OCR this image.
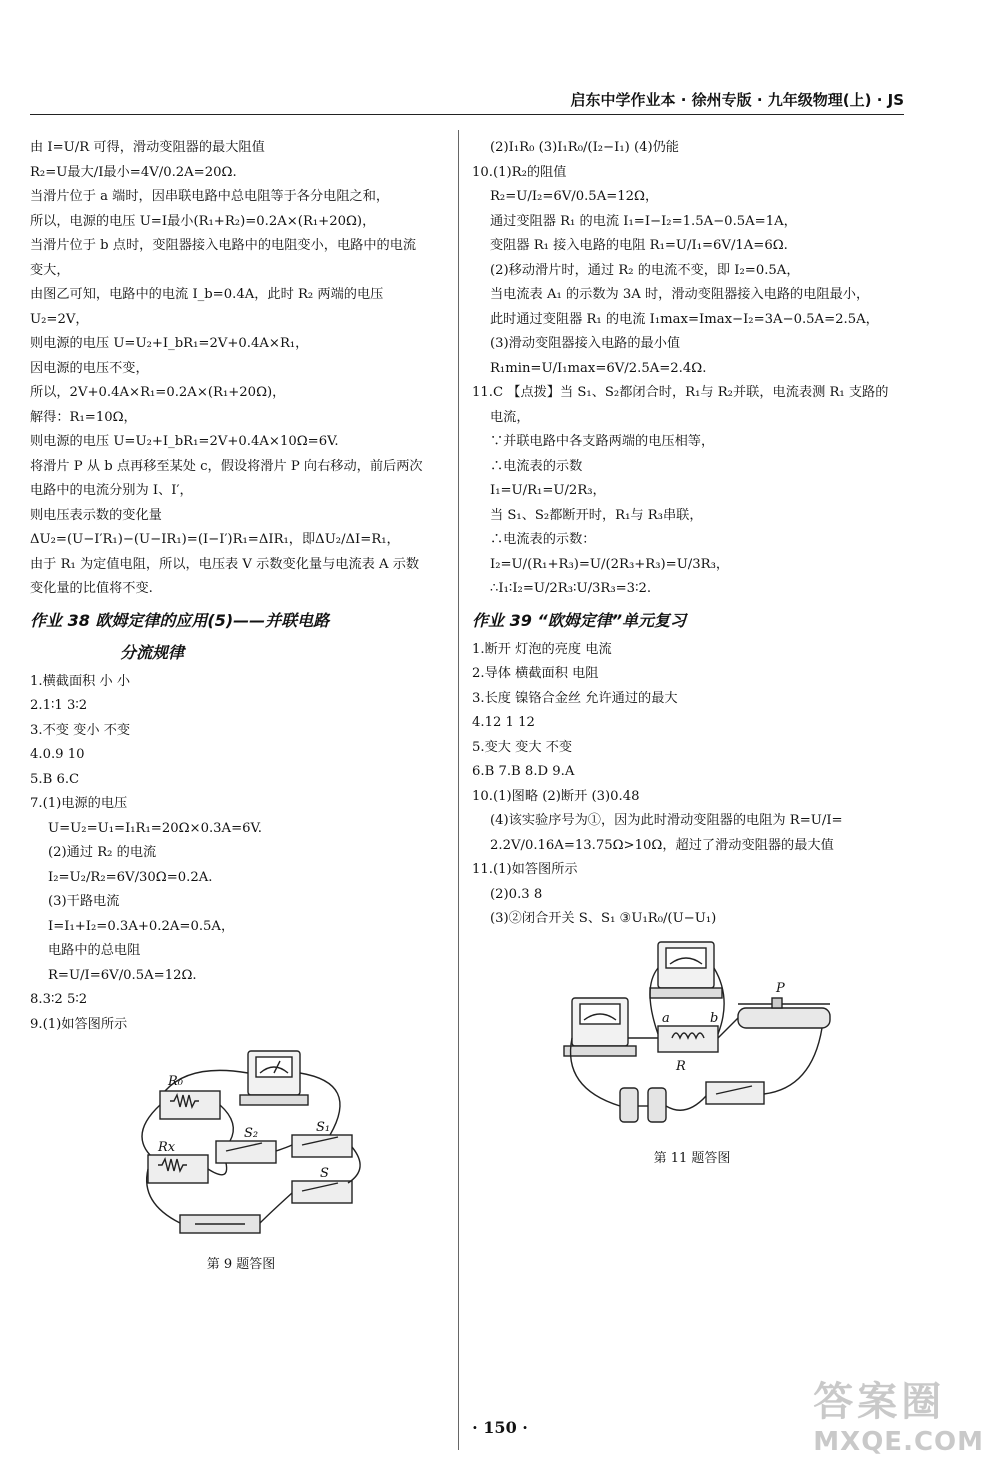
启东中学作业本 · 徐州专版 · 九年级物理(上) · JS
由 I=U/R 可得，滑动变阻器的最大阻值
R₂=U最大/I最小=4V/0.2A=20Ω.
当滑片位于 a 端时，因串联电路中总电阻等于各分电阻之和，
所以，电源的电压 U=I最小(R₁+R₂)=0.2A×(R₁+20Ω)，
当滑片位于 b 点时，变阻器接入电路中的电阻变小，电路中的电流
变大，
由图乙可知，电路中的电流 I_b=0.4A，此时 R₂ 两端的电压
U₂=2V，
则电源的电压 U=U₂+I_bR₁=2V+0.4A×R₁，
因电源的电压不变，
所以，2V+0.4A×R₁=0.2A×(R₁+20Ω)，
解得：R₁=10Ω，
则电源的电压 U=U₂+I_bR₁=2V+0.4A×10Ω=6V.
将滑片 P 从 b 点再移至某处 c，假设将滑片 P 向右移动，前后两次
电路中的电流分别为 I、I′，
则电压表示数的变化量
ΔU₂=(U−I′R₁)−(U−IR₁)=(I−I′)R₁=ΔIR₁，即ΔU₂/ΔI=R₁，
由于 R₁ 为定值电阻，所以，电压表 V 示数变化量与电流表 A 示数
变化量的比值将不变.
作业 38 欧姆定律的应用(5)——并联电路
分流规律
1.横截面积 小 小
2.1∶1 3∶2
3.不变 变小 不变
4.0.9 10
5.B 6.C
7.(1)电源的电压
U=U₂=U₁=I₁R₁=20Ω×0.3A=6V.
(2)通过 R₂ 的电流
I₂=U₂/R₂=6V/30Ω=0.2A.
(3)干路电流
I=I₁+I₂=0.3A+0.2A=0.5A，
电路中的总电阻
R=U/I=6V/0.5A=12Ω.
8.3∶2 5∶2
9.(1)如答图所示
R₀
Rx
S₂	S₁
S
第 9 题答图
(2)I₁R₀ (3)I₁R₀/(I₂−I₁) (4)仍能
10.(1)R₂的阻值
R₂=U/I₂=6V/0.5A=12Ω，
通过变阻器 R₁ 的电流 I₁=I−I₂=1.5A−0.5A=1A，
变阻器 R₁ 接入电路的电阻 R₁=U/I₁=6V/1A=6Ω.
(2)移动滑片时，通过 R₂ 的电流不变，即 I₂=0.5A，
当电流表 A₁ 的示数为 3A 时，滑动变阻器接入电路的电阻最小，
此时通过变阻器 R₁ 的电流 I₁max=Imax−I₂=3A−0.5A=2.5A，
(3)滑动变阻器接入电路的最小值
R₁min=U/I₁max=6V/2.5A=2.4Ω.
11.C 【点拨】当 S₁、S₂都闭合时，R₁与 R₂并联，电流表测 R₁ 支路的
电流，
∵并联电路中各支路两端的电压相等，
∴电流表的示数
I₁=U/R₁=U/2R₃，
当 S₁、S₂都断开时，R₁与 R₃串联，
∴电流表的示数：
I₂=U/(R₁+R₃)=U/(2R₃+R₃)=U/3R₃，
∴I₁∶I₂=U/2R₃∶U/3R₃=3∶2.
作业 39 “欧姆定律”单元复习
1.断开 灯泡的亮度 电流
2.导体 横截面积 电阻
3.长度 镍铬合金丝 允许通过的最大
4.12 1 12
5.变大 变大 不变
6.B 7.B 8.D 9.A
10.(1)图略 (2)断开 (3)0.48
(4)该实验序号为①，因为此时滑动变阻器的电阻为 R=U/I=
2.2V/0.16A=13.75Ω>10Ω，超过了滑动变阻器的最大值
11.(1)如答图所示
(2)0.3 8
(3)②闭合开关 S、S₁ ③U₁R₀/(U−U₁)
a	b
R
P
第 11 题答图
· 150 ·
答案圈
MXQE.COM
